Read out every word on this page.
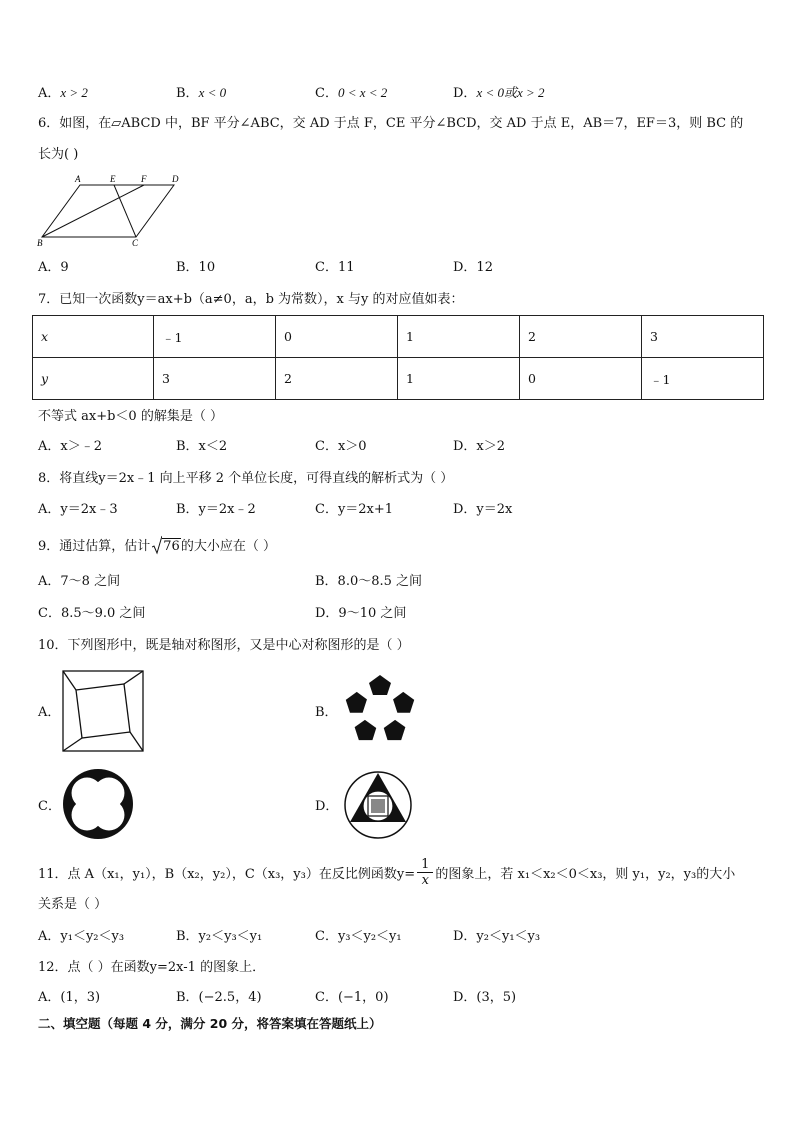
A．x > 2	B．x < 0	C．0 < x < 2	D．x < 0或x > 2
6．如图，在▱ABCD 中，BF 平分∠ABC，交 AD 于点 F，CE 平分∠BCD，交 AD 于点 E，AB＝7，EF＝3，则 BC 的
长为( )
A	E	F	D
B	C
A．9	B．10	C．11	D．12
7．已知一次函数y＝ax+b（a≠0，a，b 为常数），x 与y 的对应值如表：
x	﹣1	0	1	2	3
y	3	2	1	0	﹣1
不等式 ax+b＜0 的解集是（ ）
A．x＞﹣2	B．x＜2	C．x＞0	D．x＞2
8．将直线y＝2x﹣1 向上平移 2 个单位长度，可得直线的解析式为（ ）
A．y＝2x﹣3	B．y＝2x﹣2	C．y＝2x+1	D．y＝2x
9．通过估算，估计 76的大小应在（ ）
A．7～8 之间	B．8.0～8.5 之间
C．8.5～9.0 之间	D．9～10 之间
10．下列图形中，既是轴对称图形，又是中心对称图形的是（ ）
A．	B．
C．	D．
11．点 A（x₁，y₁），B（x₂，y₂），C（x₃，y₃）在反比例函数$y= \frac{1}{x}$ 的图象上，若 x₁＜x₂＜0＜x₃，则 y₁，y₂，y₃的大小
关系是（ ）
A．y₁＜y₂＜y₃	B．y₂＜y₃＜y₁	C．y₃＜y₂＜y₁	D．y₂＜y₁＜y₃
12．点（ ）在函数y=2x-1 的图象上．
A．(1，3)	B．(−2.5，4)	C．(−1，0)	D．(3，5)
二、填空题（每题 4 分，满分 20 分，将答案填在答题纸上）
